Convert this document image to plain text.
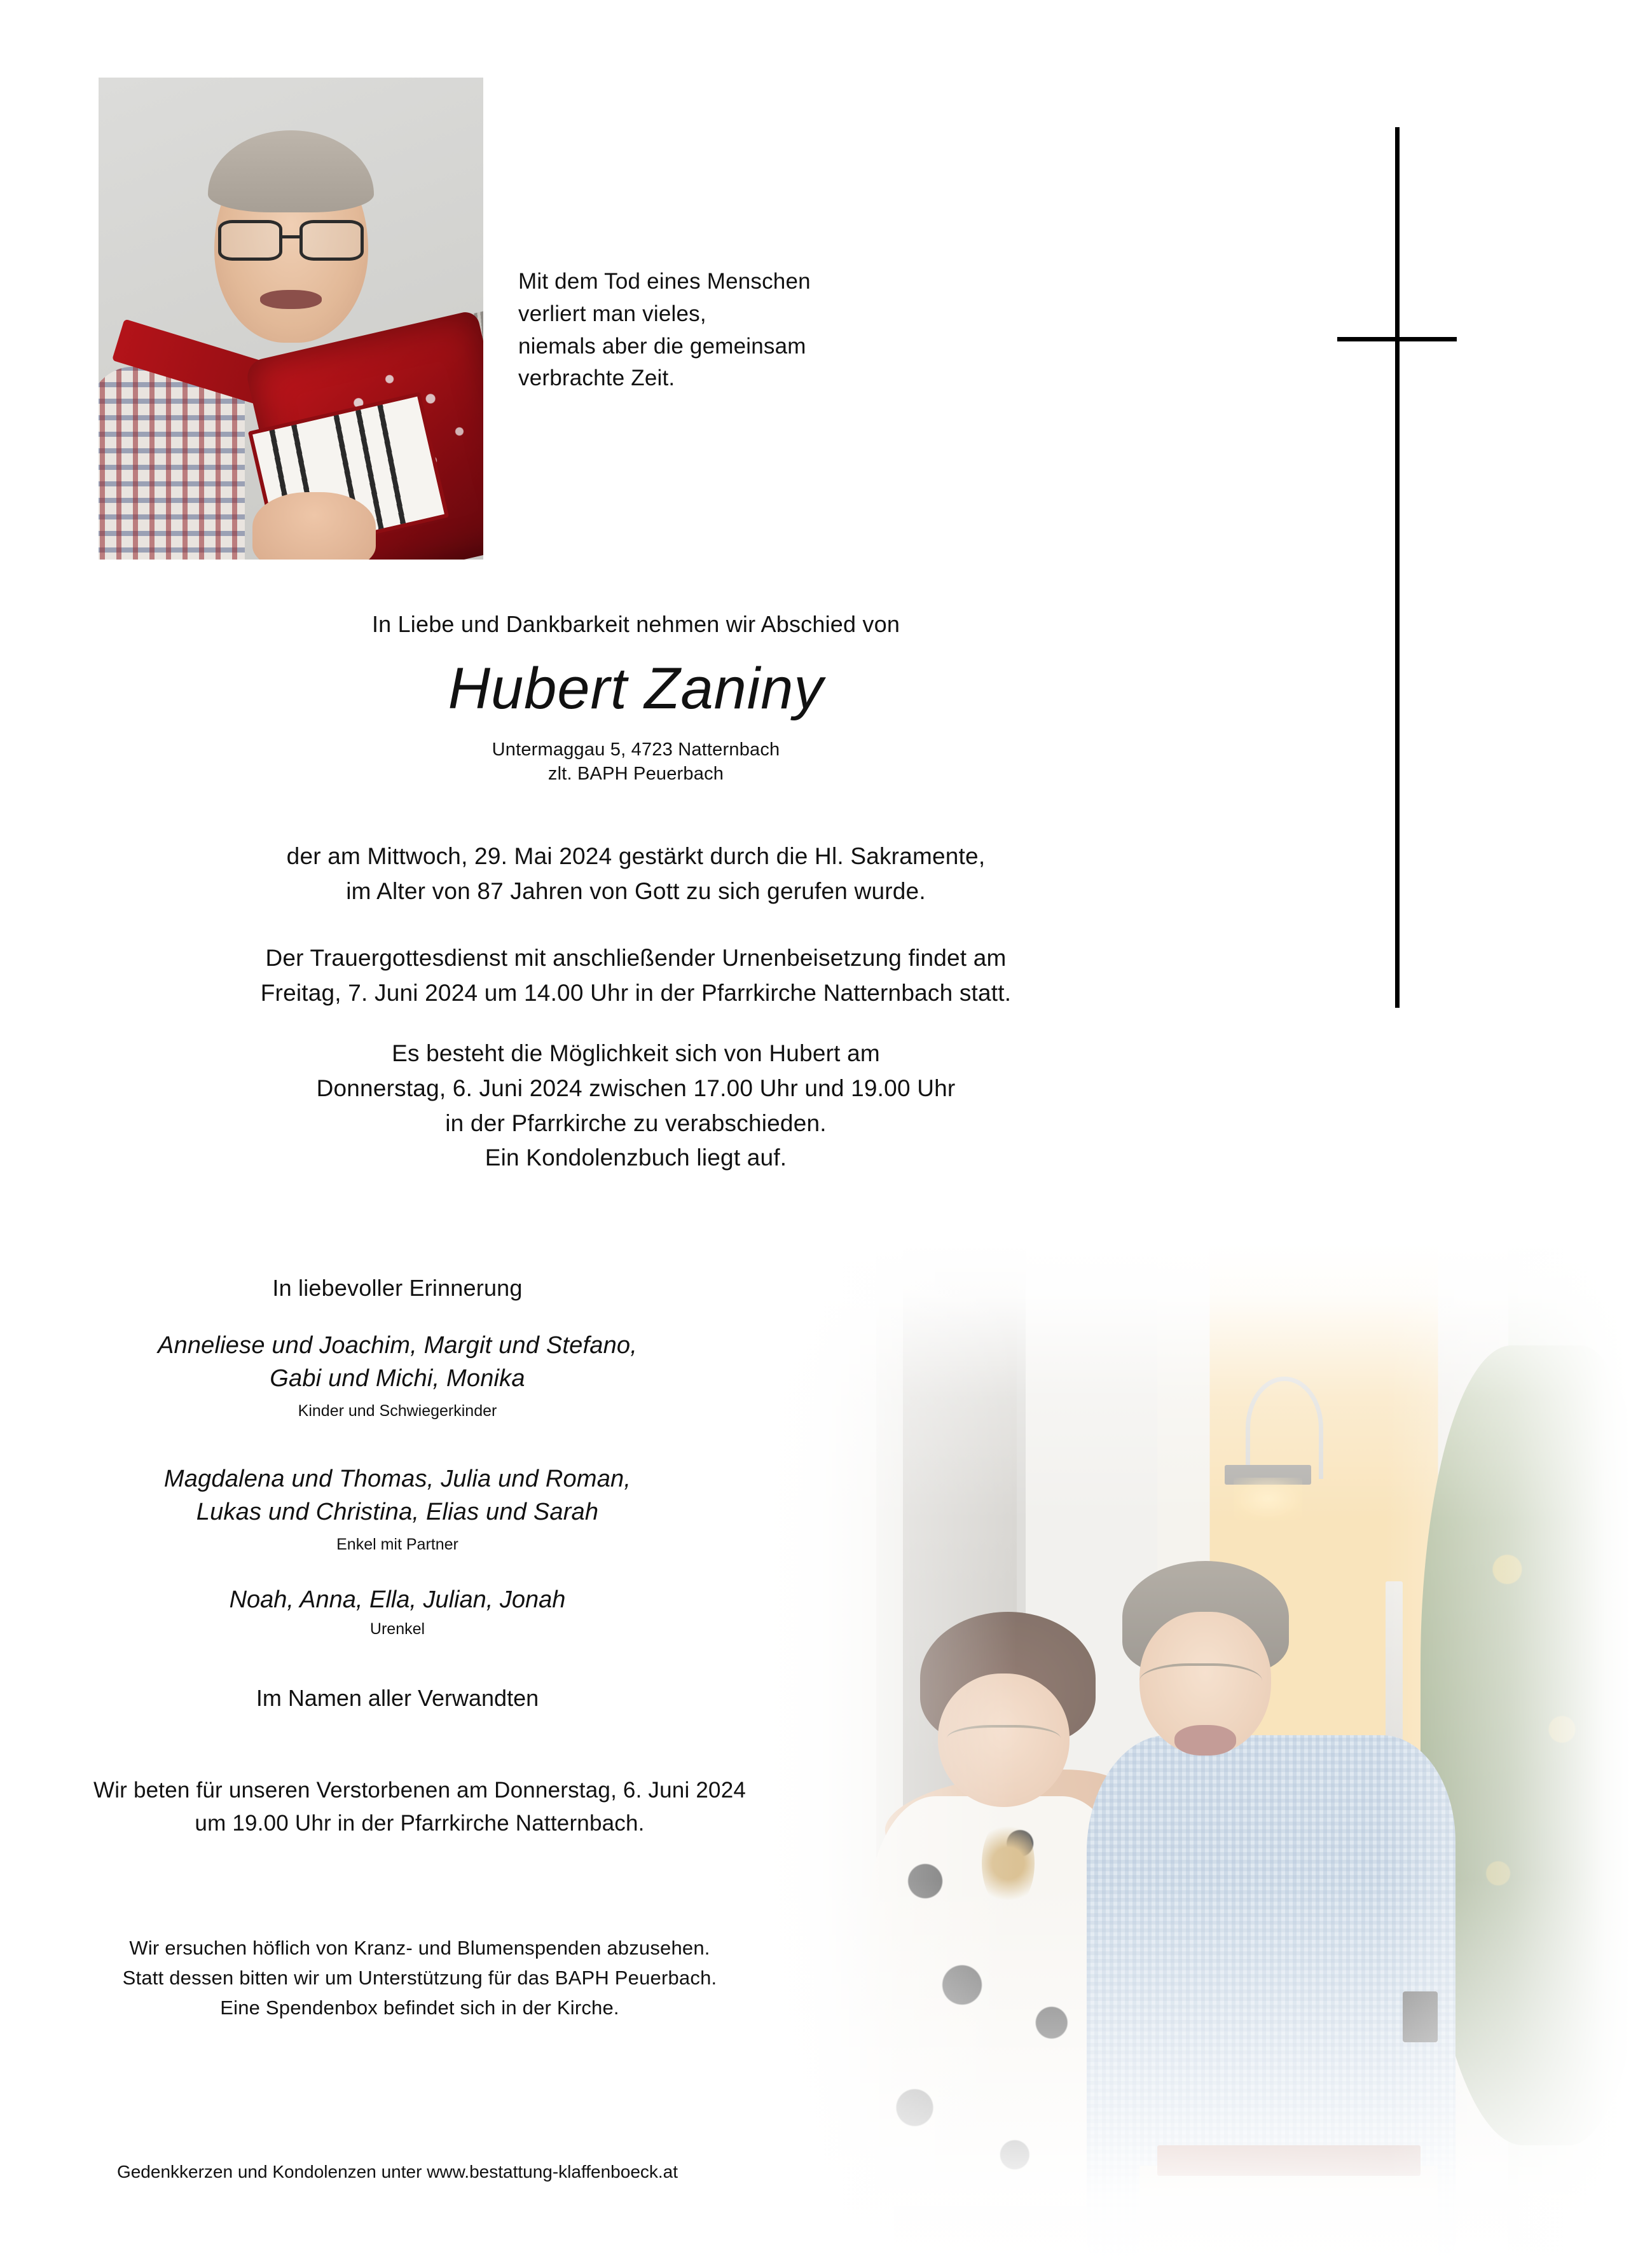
Mit dem Tod eines Menschen
verliert man vieles,
niemals aber die gemeinsam
verbrachte Zeit.
In Liebe und Dankbarkeit nehmen wir Abschied von
Hubert Zaniny
Untermaggau 5, 4723 Natternbach
zlt. BAPH Peuerbach
der am Mittwoch, 29. Mai 2024 gestärkt durch die Hl. Sakramente,
im Alter von 87 Jahren von Gott zu sich gerufen wurde.
Der Trauergottesdienst mit anschließender Urnenbeisetzung findet am
Freitag, 7. Juni 2024 um 14.00 Uhr in der Pfarrkirche Natternbach statt.
Es besteht die Möglichkeit sich von Hubert am
Donnerstag, 6. Juni 2024 zwischen 17.00 Uhr und 19.00 Uhr
in der Pfarrkirche zu verabschieden.
Ein Kondolenzbuch liegt auf.
In liebevoller Erinnerung
Anneliese und Joachim, Margit und Stefano,
Gabi und Michi, Monika
Kinder und Schwiegerkinder
Magdalena und Thomas, Julia und Roman,
Lukas und Christina, Elias und Sarah
Enkel mit Partner
Noah, Anna, Ella, Julian, Jonah
Urenkel
Im Namen aller Verwandten
Wir beten für unseren Verstorbenen am Donnerstag, 6. Juni 2024
um 19.00 Uhr in der Pfarrkirche Natternbach.
Wir ersuchen höflich von Kranz- und Blumenspenden abzusehen.
Statt dessen bitten wir um Unterstützung für das BAPH Peuerbach.
Eine Spendenbox befindet sich in der Kirche.
Gedenkkerzen und Kondolenzen unter www.bestattung-klaffenboeck.at
